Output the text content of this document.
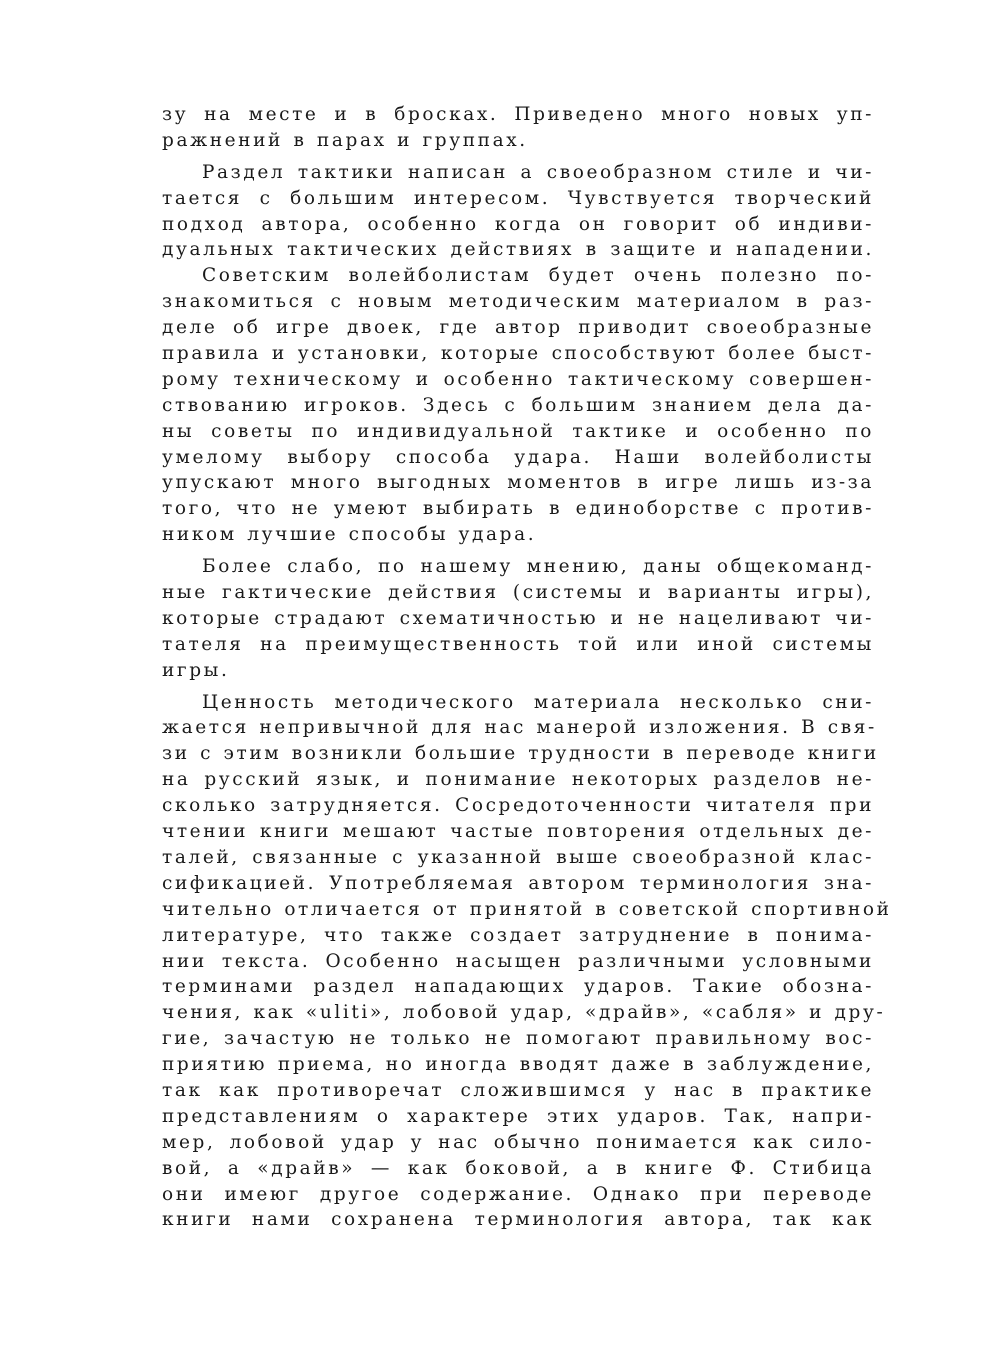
зу на месте и в бросках. Приведено много новых уп-
ражнений в парах и группах.
Раздел тактики написан а своеобразном стиле и чи-
тается с большим интересом. Чувствуется творческий
подход автора, особенно когда он говорит об индиви-
дуальных тактических действиях в защите и нападении.
Советским волейболистам будет очень полезно по-
знакомиться с новым методическим материалом в раз-
деле об игре двоек, где автор приводит своеобразные
правила и установки, которые способствуют более быст-
рому техническому и особенно тактическому совершен-
ствованию игроков. Здесь с большим знанием дела да-
ны советы по индивидуальной тактикe и особенно по
умелому выбору способа удара. Наши волейболисты
упускают много выгодных моментов в игре лишь из-за
того, что не умеют выбирать в единоборстве с против-
ником лучшие способы удара.
Более слабо, по нашему мнению, даны общекоманд-
ныe гактические действия (системы и варианты игры),
которые страдают схематичностью и не нацеливают чи-
тателя на преимущественность той или иной системы
игры.
Ценность методического материала несколько сни-
жается непривычной для нас манерой изложения. В свя-
зи с этим возникли большие трудности в переводе книги
на русский язык, и понимание некоторых разделов не-
сколько затрудняется. Сосредоточенности читателя при
чтении книги мешают частые повторения отдельных де-
талей, связанные с указанной выше своеобразной клас-
сификацией. Употребляемая автором терминология зна-
чительно отличается от принятой в советской спортивной
литературе, что также создает затруднение в понима-
нии текста. Особенно насыщен различными условными
терминами раздел нападающих ударов. Такие обозна-
чения, как «uliti», лобовой удар, «драйв», «сабля» и дру-
гие, зачастую не только не помогают правильному вос-
приятию приема, но иногда вводят даже в заблуждение,
так как противоречат сложившимся у нас в практике
представлениям о характере этих ударов. Так, напри-
мер, лобовой удар у нас обычно понимается как сило-
вой, а «драйв» — как боковой, а в книге Ф. Стибица
они имеюг другое содержание. Однако при переводе
книги нами сохранена терминология автора, так как
